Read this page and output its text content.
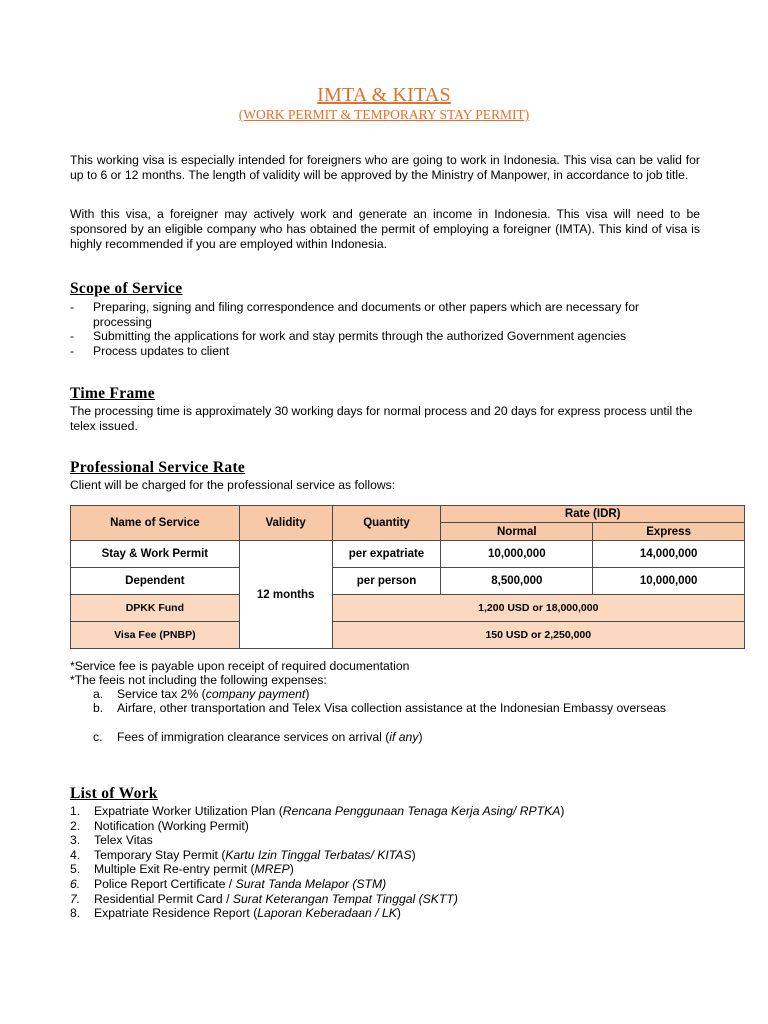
IMTA & KITAS
(WORK PERMIT & TEMPORARY STAY PERMIT)
This working visa is especially intended for foreigners who are going to work in Indonesia. This visa can be valid for up to 6 or 12 months. The length of validity will be approved by the Ministry of Manpower, in accordance to job title.
With this visa, a foreigner may actively work and generate an income in Indonesia. This visa will need to be sponsored by an eligible company who has obtained the permit of employing a foreigner (IMTA). This kind of visa is highly recommended if you are employed within Indonesia.
Scope of Service
- Preparing, signing and filing correspondence and documents or other papers which are necessary for processing
- Submitting the applications for work and stay permits through the authorized Government agencies
- Process updates to client
Time Frame
The processing time is approximately 30 working days for normal process and 20 days for express process until the telex issued.
Professional Service Rate
Client will be charged for the professional service as follows:
Name of Service	Validity	Quantity	Rate (IDR)	
			Normal	Express
Stay & Work Permit	12 months	per expatriate	10,000,000	14,000,000
Dependent		per person	8,500,000	10,000,000
DPKK Fund		1,200 USD or 18,000,000		
Visa Fee (PNBP)		150 USD or 2,250,000		
*Service fee is payable upon receipt of required documentation
*The feeis not including the following expenses:
a. Service tax 2% (company payment)
b. Airfare, other transportation and Telex Visa collection assistance at the Indonesian Embassy overseas
c. Fees of immigration clearance services on arrival (if any)
List of Work
1. Expatriate Worker Utilization Plan (Rencana Penggunaan Tenaga Kerja Asing/ RPTKA)
2. Notification (Working Permit)
3. Telex Vitas
4. Temporary Stay Permit (Kartu Izin Tinggal Terbatas/ KITAS)
5. Multiple Exit Re-entry permit (MREP)
6. Police Report Certificate / Surat Tanda Melapor (STM)
7. Residential Permit Card / Surat Keterangan Tempat Tinggal (SKTT)
8. Expatriate Residence Report (Laporan Keberadaan / LK)
